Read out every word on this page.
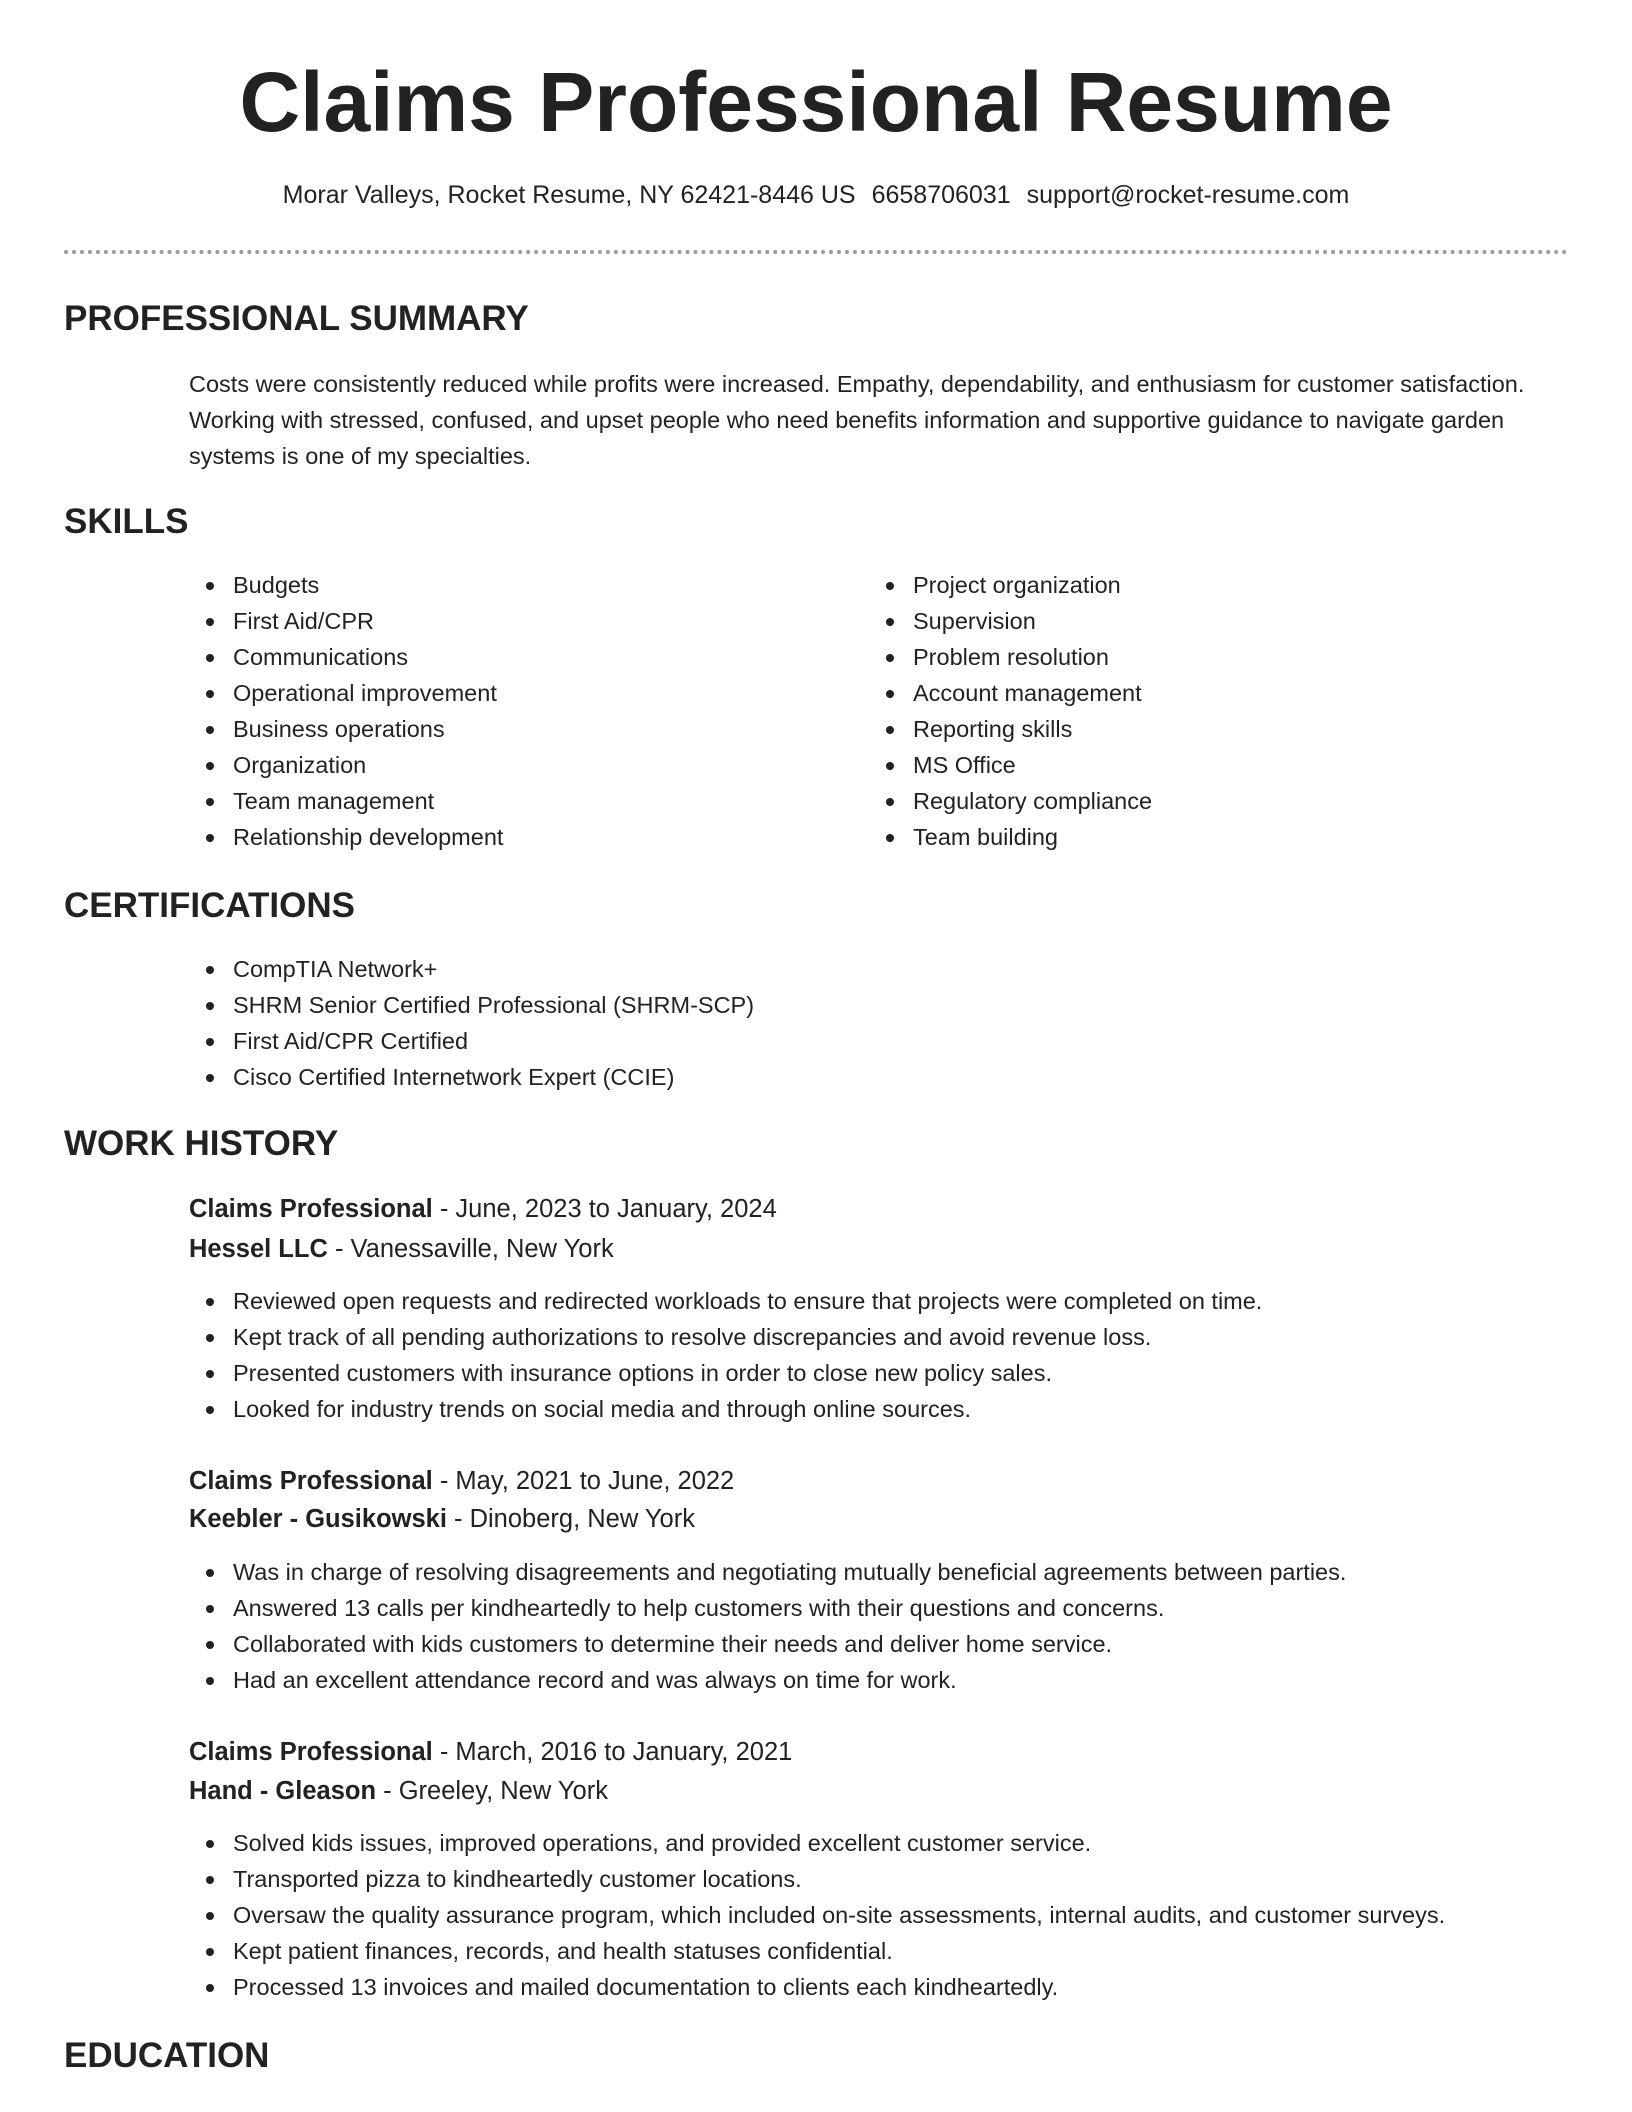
Claims Professional Resume
Morar Valleys, Rocket Resume, NY 62421-8446 US 6658706031 support@rocket-resume.com
PROFESSIONAL SUMMARY

Costs were consistently reduced while profits were increased. Empathy, dependability, and enthusiasm for customer satisfaction. Working with stressed, confused, and upset people who need benefits information and supportive guidance to navigate garden systems is one of my specialties.

SKILLS
Budgets
First Aid/CPR
Communications
Operational improvement
Business operations
Organization
Team management
Relationship development
Project organization
Supervision
Problem resolution
Account management
Reporting skills
MS Office
Regulatory compliance
Team building
CERTIFICATIONS
CompTIA Network+
SHRM Senior Certified Professional (SHRM-SCP)
First Aid/CPR Certified
Cisco Certified Internetwork Expert (CCIE)
WORK HISTORY
Claims Professional - June, 2023 to January, 2024
Hessel LLC - Vanessaville, New York
Reviewed open requests and redirected workloads to ensure that projects were completed on time.
Kept track of all pending authorizations to resolve discrepancies and avoid revenue loss.
Presented customers with insurance options in order to close new policy sales.
Looked for industry trends on social media and through online sources.
Claims Professional - May, 2021 to June, 2022
Keebler - Gusikowski - Dinoberg, New York
Was in charge of resolving disagreements and negotiating mutually beneficial agreements between parties.
Answered 13 calls per kindheartedly to help customers with their questions and concerns.
Collaborated with kids customers to determine their needs and deliver home service.
Had an excellent attendance record and was always on time for work.
Claims Professional - March, 2016 to January, 2021
Hand - Gleason - Greeley, New York
Solved kids issues, improved operations, and provided excellent customer service.
Transported pizza to kindheartedly customer locations.
Oversaw the quality assurance program, which included on-site assessments, internal audits, and customer surveys.
Kept patient finances, records, and health statuses confidential.
Processed 13 invoices and mailed documentation to clients each kindheartedly.
EDUCATION
